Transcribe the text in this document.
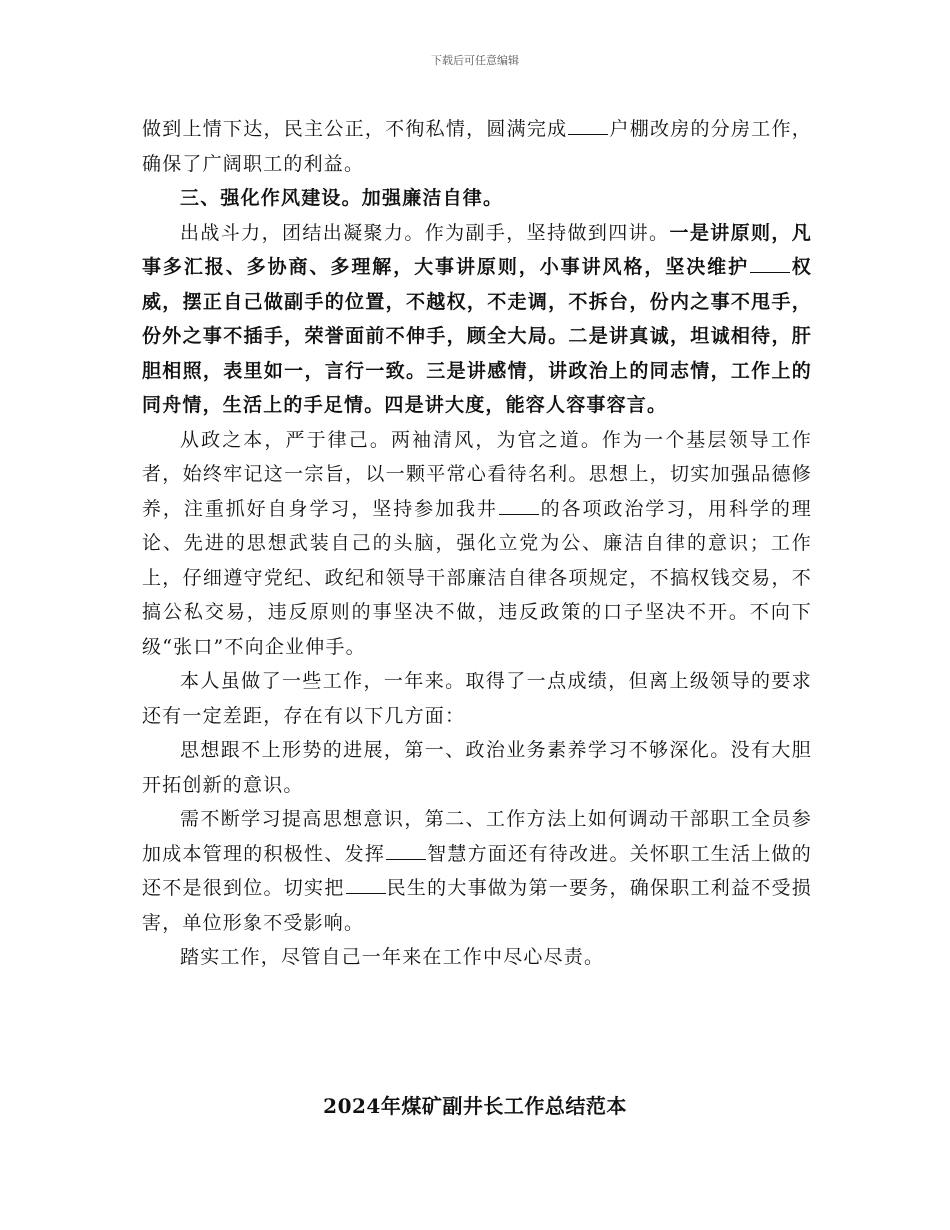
下载后可任意编辑

做到上情下达，民主公正，不徇私情，圆满完成 户棚改房的分房工作，确保了广阔职工的利益。

三、强化作风建设。加强廉洁自律。

出战斗力，团结出凝聚力。作为副手，坚持做到四讲。一是讲原则，凡事多汇报、多协商、多理解，大事讲原则，小事讲风格，坚决维护 权威，摆正自己做副手的位置，不越权，不走调，不拆台，份内之事不甩手，份外之事不插手，荣誉面前不伸手，顾全大局。二是讲真诚，坦诚相待，肝胆相照，表里如一，言行一致。三是讲感情，讲政治上的同志情，工作上的同舟情，生活上的手足情。四是讲大度，能容人容事容言。

从政之本，严于律己。两袖清风，为官之道。作为一个基层领导工作者，始终牢记这一宗旨，以一颗平常心看待名利。思想上，切实加强品德修养，注重抓好自身学习，坚持参加我井 的各项政治学习，用科学的理论、先进的思想武装自己的头脑，强化立党为公、廉洁自律的意识；工作上，仔细遵守党纪、政纪和领导干部廉洁自律各项规定，不搞权钱交易，不搞公私交易，违反原则的事坚决不做，违反政策的口子坚决不开。不向下级“张口”不向企业伸手。

本人虽做了一些工作，一年来。取得了一点成绩，但离上级领导的要求还有一定差距，存在有以下几方面：

思想跟不上形势的进展，第一、政治业务素养学习不够深化。没有大胆开拓创新的意识。

需不断学习提高思想意识，第二、工作方法上如何调动干部职工全员参加成本管理的积极性、发挥 智慧方面还有待改进。关怀职工生活上做的还不是很到位。切实把 民生的大事做为第一要务，确保职工利益不受损害，单位形象不受影响。

踏实工作，尽管自己一年来在工作中尽心尽责。

2024年煤矿副井长工作总结范本
